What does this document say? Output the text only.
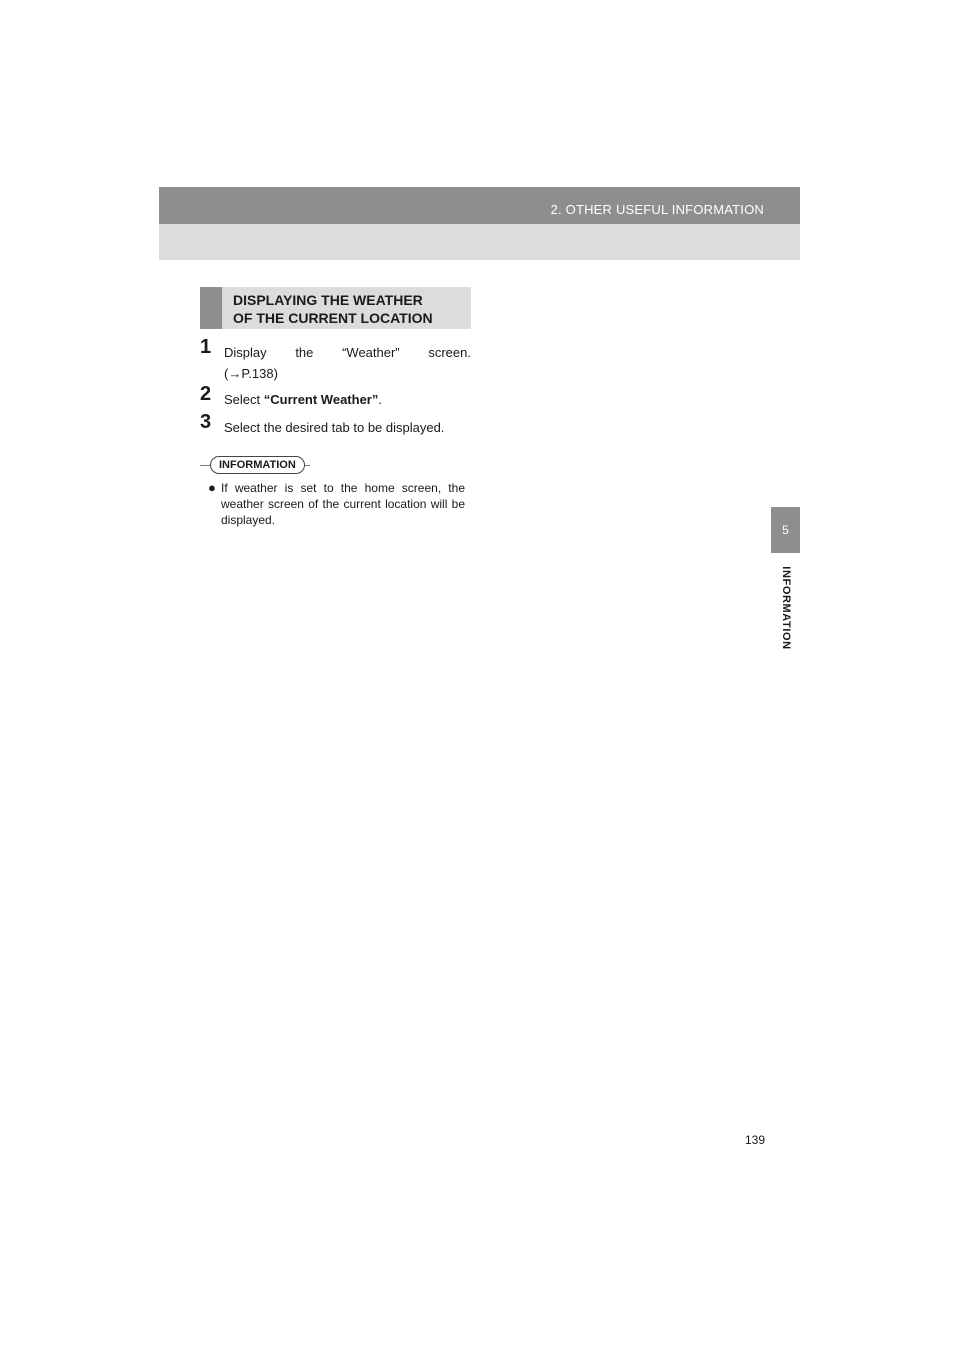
2. OTHER USEFUL INFORMATION
5
INFORMATION
DISPLAYING THE WEATHER
OF THE CURRENT LOCATION
1 Display the “Weather” screen.
(→P.138)
2 Select “Current Weather”.
3 Select the desired tab to be displayed.
INFORMATION
● If weather is set to the home screen, the weather screen of the current location will be displayed.
139
